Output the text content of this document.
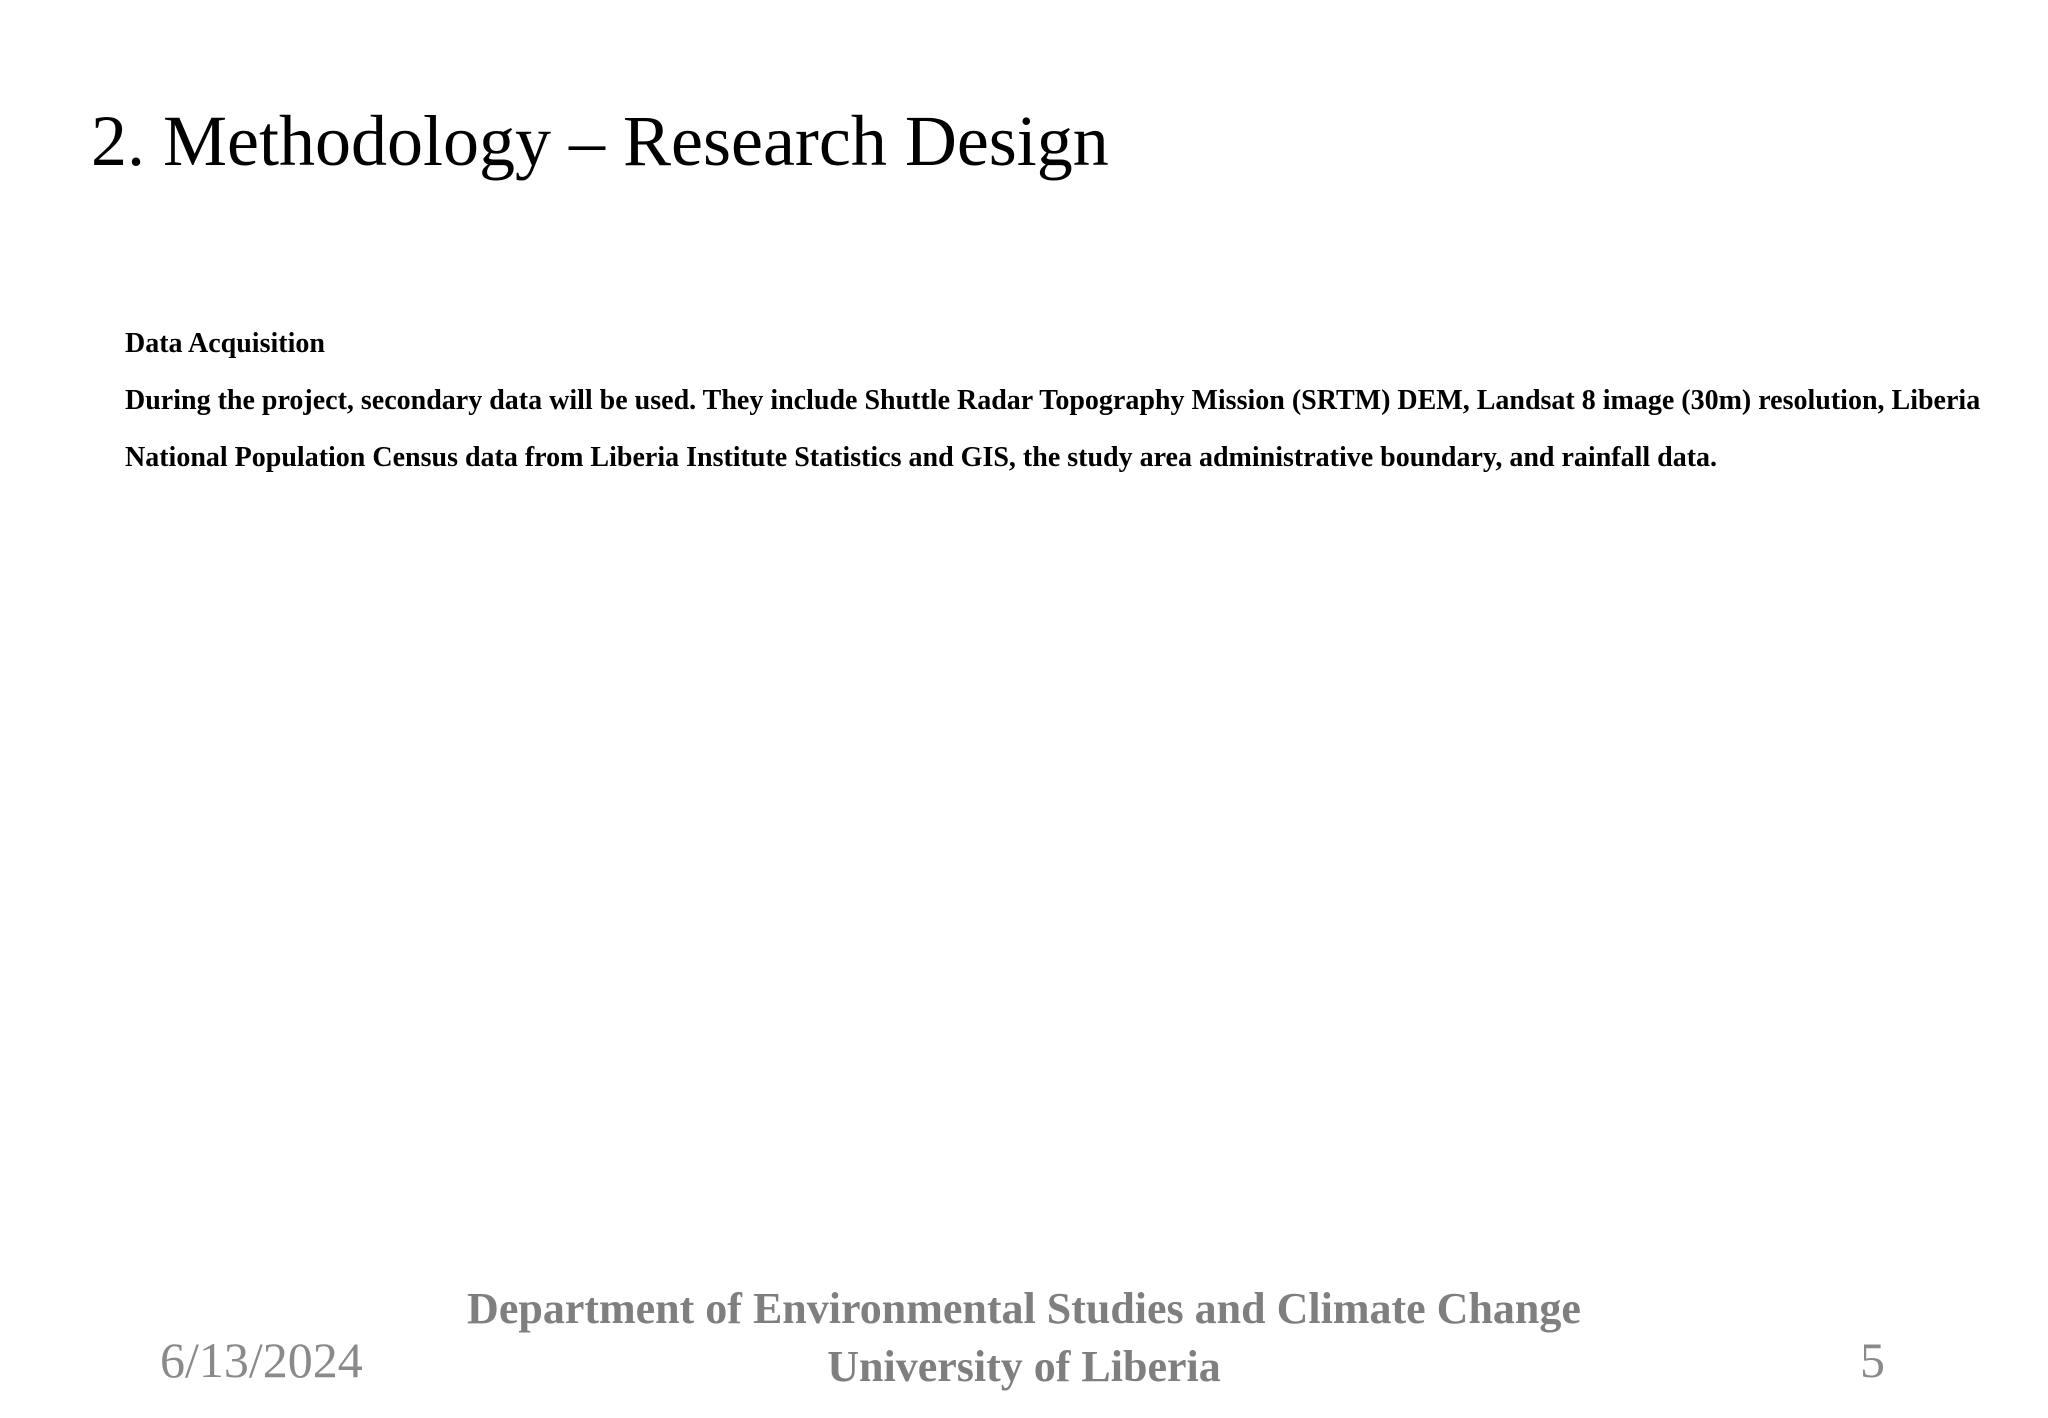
2. Methodology – Research Design

Data Acquisition

During the project, secondary data will be used. They include Shuttle Radar Topography Mission (SRTM) DEM, Landsat 8 image (30m) resolution, Liberia National Population Census data from Liberia Institute Statistics and GIS, the study area administrative boundary, and rainfall data.

6/13/2024
Department of Environmental Studies and Climate Change
University of Liberia	5
